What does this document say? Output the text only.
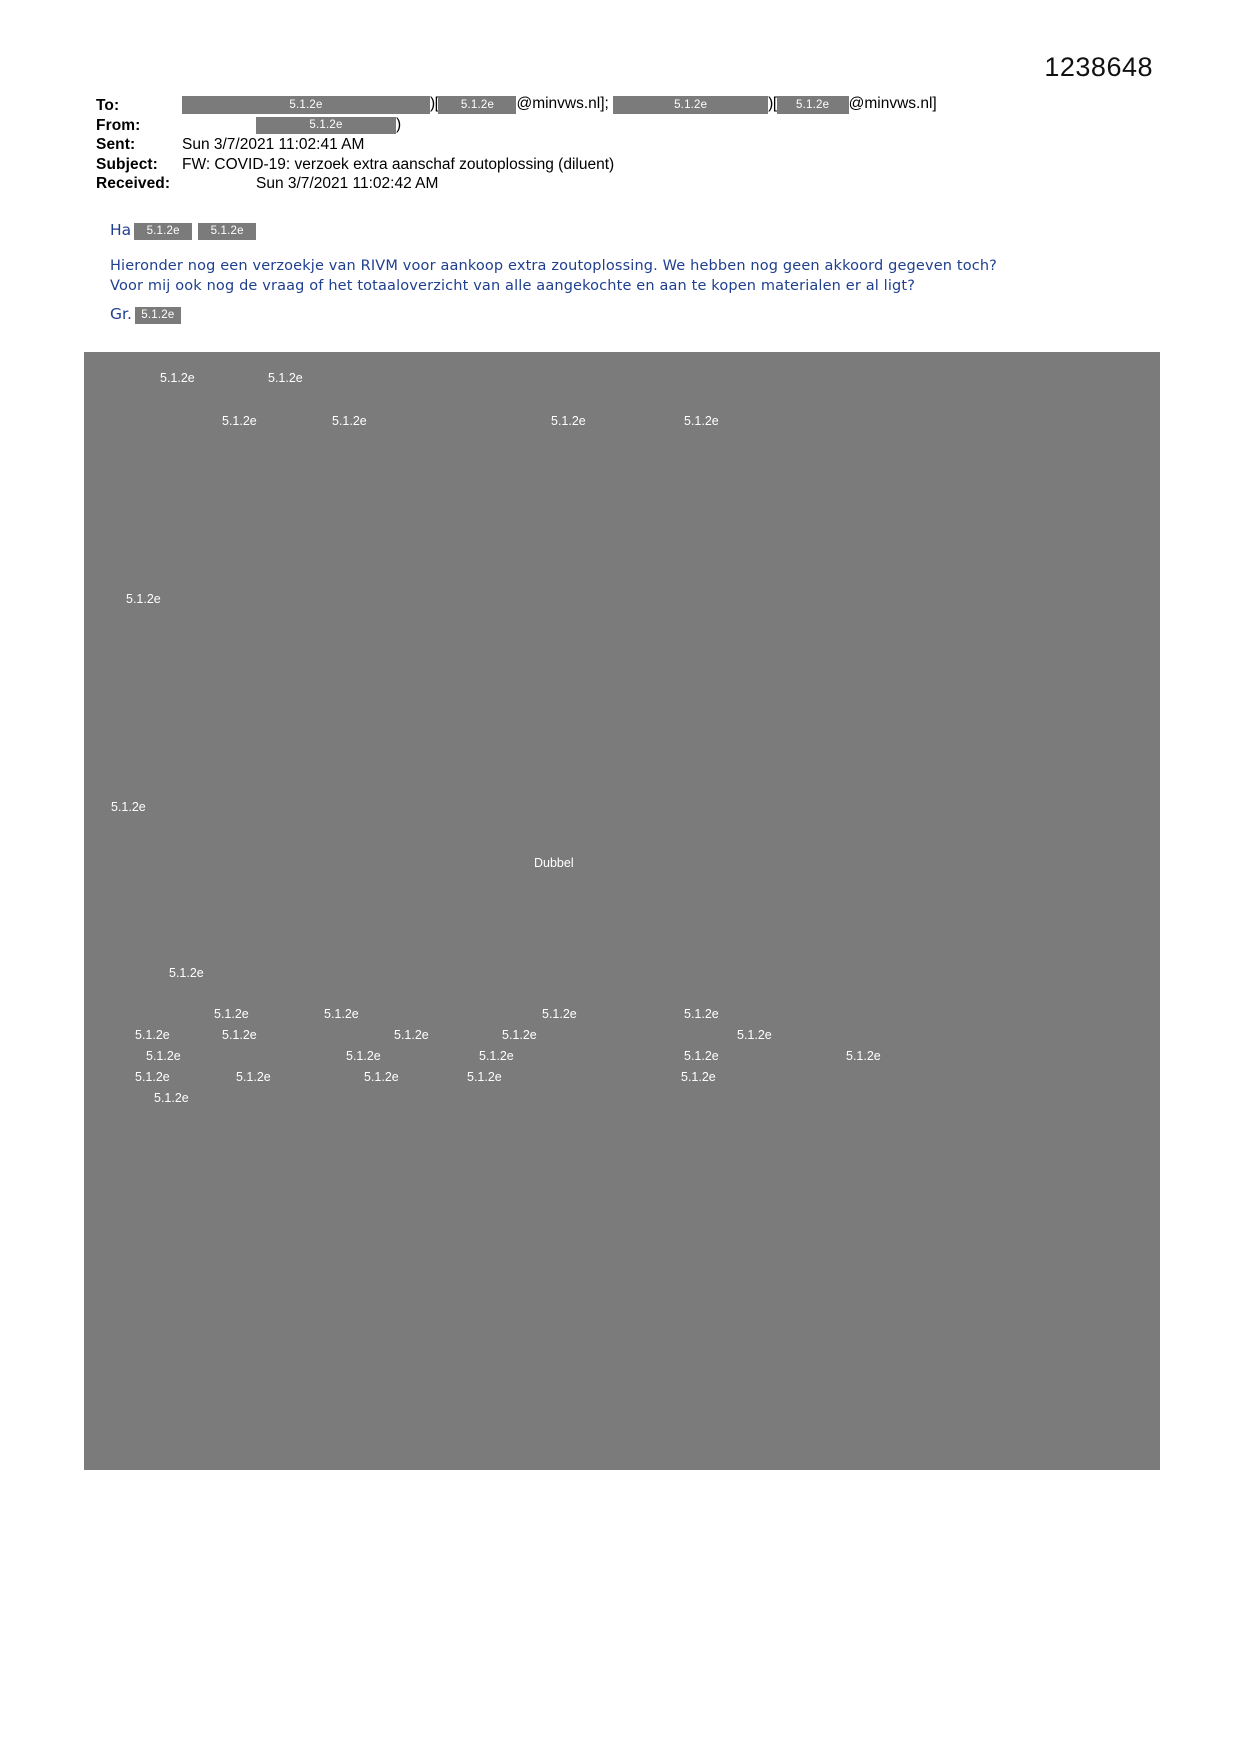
1238648
To:	5.1.2e	)[ 5.1.2e @minvws.nl];	5.1.2e	)[ 5.1.2e @minvws.nl]
From:	5.1.2e	)
Sent:	Sun 3/7/2021 11:02:41 AM
Subject: FW: COVID-19: verzoek extra aanschaf zoutoplossing (diluent)
Received:	Sun 3/7/2021 11:02:42 AM
Ha 5.1.2e	5.1.2e
Hieronder nog een verzoekje van RIVM voor aankoop extra zoutoplossing. We hebben nog geen akkoord gegeven toch?
Voor mij ook nog de vraag of het totaaloverzicht van alle aangekochte en aan te kopen materialen er al ligt?
Gr. 5.1.2e
5.1.2e	5.1.2e
5.1.2e	5.1.2e	5.1.2e	5.1.2e
5.1.2e
5.1.2e
Dubbel
5.1.2e
5.1.2e	5.1.2e	5.1.2e	5.1.2e
5.1.2e	5.1.2e	5.1.2e	5.1.2e	5.1.2e
5.1.2e	5.1.2e	5.1.2e	5.1.2e	5.1.2e
5.1.2e	5.1.2e	5.1.2e	5.1.2e	5.1.2e
5.1.2e
